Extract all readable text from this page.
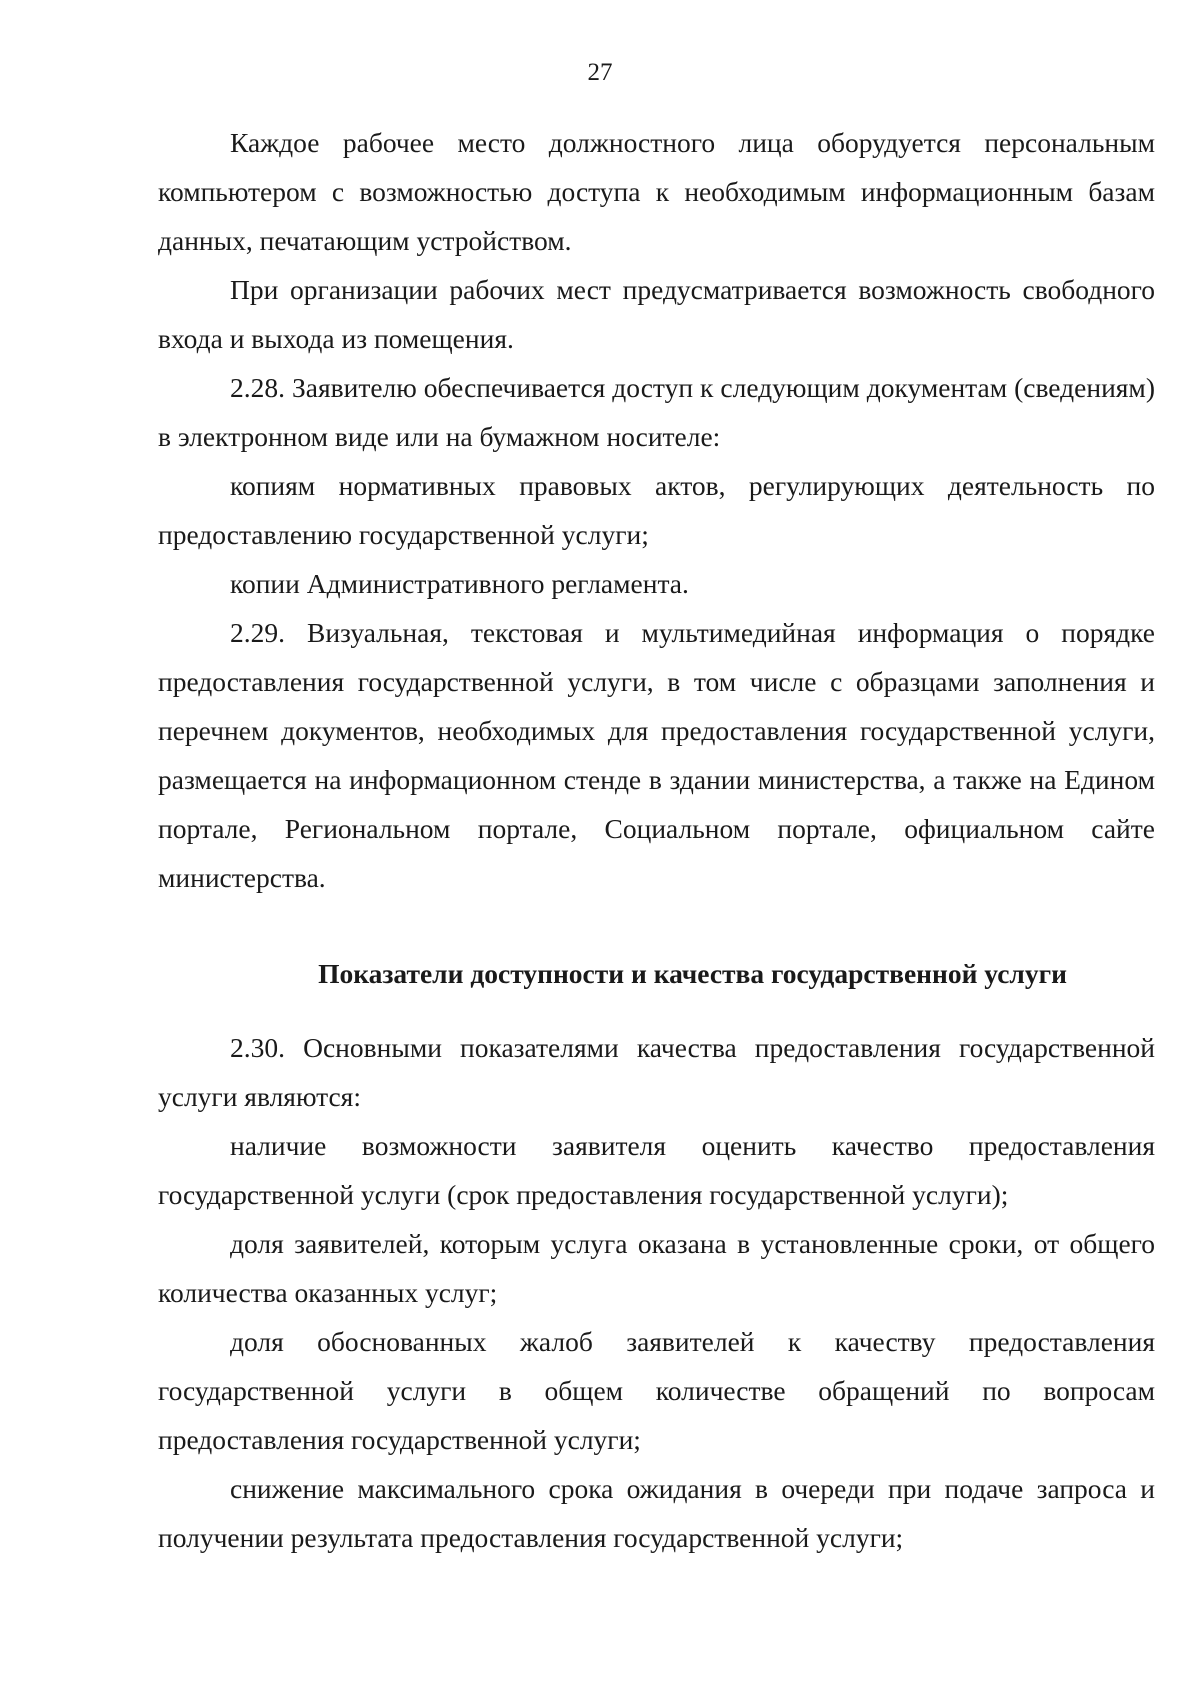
27

Каждое рабочее место должностного лица оборудуется персональным компьютером с возможностью доступа к необходимым информационным базам данных, печатающим устройством.

При организации рабочих мест предусматривается возможность свободного входа и выхода из помещения.

2.28. Заявителю обеспечивается доступ к следующим документам (сведениям) в электронном виде или на бумажном носителе:

копиям нормативных правовых актов, регулирующих деятельность по предоставлению государственной услуги;

копии Административного регламента.

2.29. Визуальная, текстовая и мультимедийная информация о порядке предоставления государственной услуги, в том числе с образцами заполнения и перечнем документов, необходимых для предоставления государственной услуги, размещается на информационном стенде в здании министерства, а также на Едином портале, Региональном портале, Социальном портале, официальном сайте министерства.

Показатели доступности и качества государственной услуги

2.30. Основными показателями качества предоставления государственной услуги являются:

наличие возможности заявителя оценить качество предоставления государственной услуги (срок предоставления государственной услуги);

доля заявителей, которым услуга оказана в установленные сроки, от общего количества оказанных услуг;

доля обоснованных жалоб заявителей к качеству предоставления государственной услуги в общем количестве обращений по вопросам предоставления государственной услуги;

снижение максимального срока ожидания в очереди при подаче запроса и получении результата предоставления государственной услуги;
